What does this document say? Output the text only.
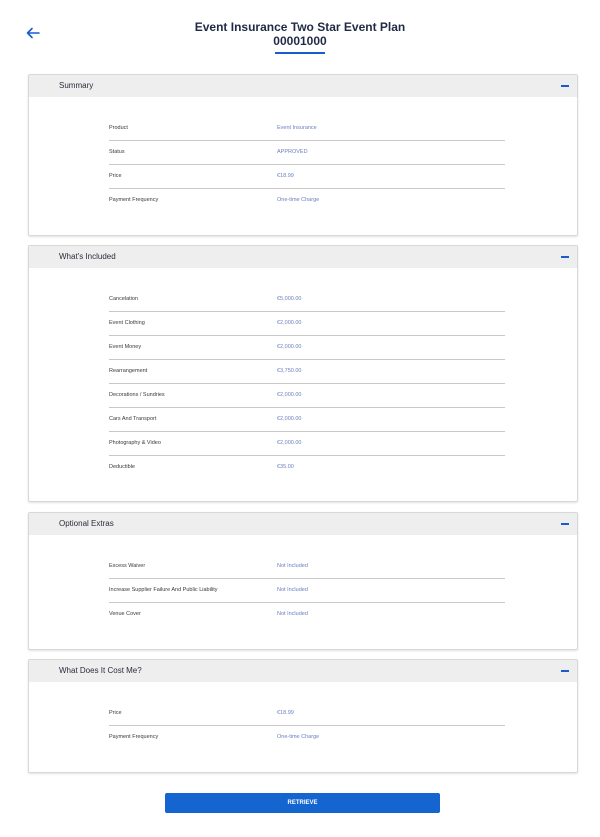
Event Insurance Two Star Event Plan
00001000
Summary
Product	Event Insurance
Status	APPROVED
Price	€18.99
Payment Frequency	One-time Charge
What's Included
Cancelation	€5,000.00
Event Clothing	€2,000.00
Event Money	€2,000.00
Rearrangement	€3,750.00
Decorations / Sundries	€2,000.00
Cars And Transport	€2,000.00
Photography & Video	€2,000.00
Deductible	€35.00
Optional Extras
Excess Waiver	Not Included
Increase Supplier Failure And Public Liability	Not Included
Venue Cover	Not Included
What Does It Cost Me?
Price	€18.99
Payment Frequency	One-time Charge
RETRIEVE
